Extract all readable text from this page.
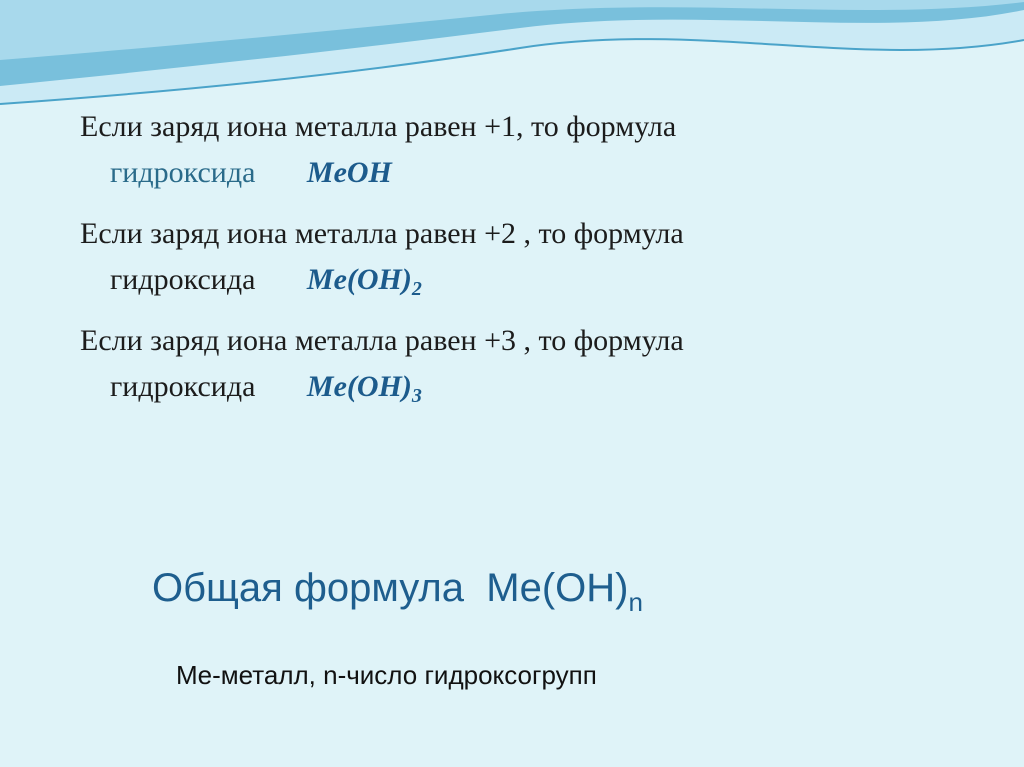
Если заряд иона металла равен +1, то формула
гидроксида MeOH
Если заряд иона металла равен +2 , то формула
гидроксида $Me(OH)_2$
Если заряд иона металла равен +3 , то формула
гидроксида $Me(OH)_3$
Общая формула $Me(OH)_n$
Me-металл, n-число гидроксогрупп
